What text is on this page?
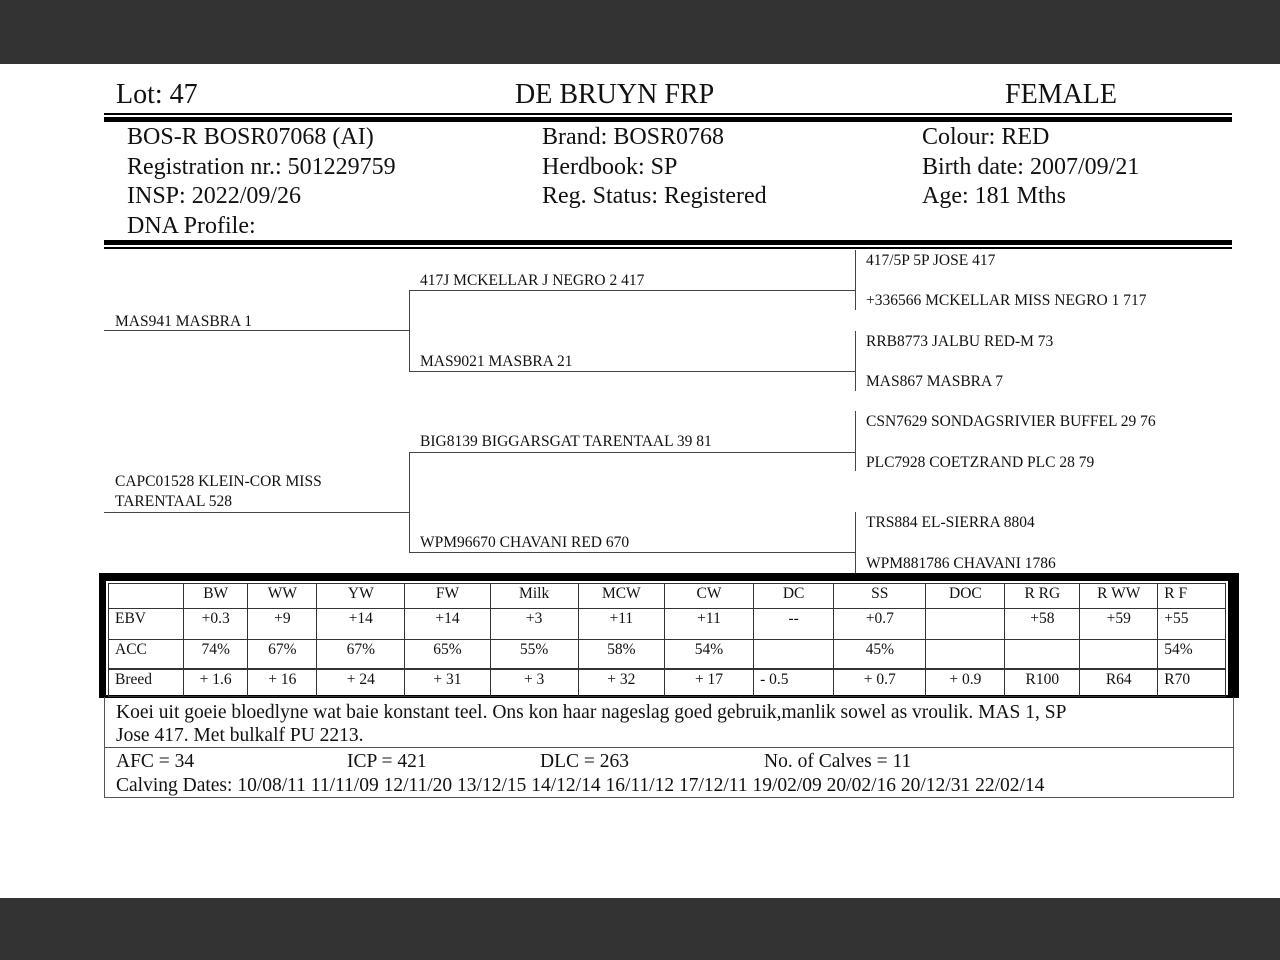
Lot: 47	DE BRUYN FRP	FEMALE
BOS-R BOSR07068 (AI)
Registration nr.: 501229759
INSP: 2022/09/26
DNA Profile:
Brand: BOSR0768
Herdbook: SP
Reg. Status: Registered
Colour: RED
Birth date: 2007/09/21
Age: 181 Mths
MAS941 MASBRA 1
CAPC01528 KLEIN-COR MISS
TARENTAAL 528
417J MCKELLAR J NEGRO 2 417
MAS9021 MASBRA 21
BIG8139 BIGGARSGAT TARENTAAL 39 81
WPM96670 CHAVANI RED 670
417/5P 5P JOSE 417
+336566 MCKELLAR MISS NEGRO 1 717
RRB8773 JALBU RED-M 73
MAS867 MASBRA 7
CSN7629 SONDAGSRIVIER BUFFEL 29 76
PLC7928 COETZRAND PLC 28 79
TRS884 EL-SIERRA 8804
WPM881786 CHAVANI 1786
	BW	WW	YW	FW	Milk	MCW	CW	DC	SS	DOC	R RG	R WW	R F
EBV	+0.3	+9	+14	+14	+3	+11	+11	--	+0.7		+58	+59	+55
ACC	74%	67%	67%	65%	55%	58%	54%		45%				54%
Breed	+ 1.6	+ 16	+ 24	+ 31	+ 3	+ 32	+ 17	- 0.5	+ 0.7	+ 0.9	R100	R64	R70
Koei uit goeie bloedlyne wat baie konstant teel. Ons kon haar nageslag goed gebruik,manlik sowel as vroulik. MAS 1, SP
Jose 417. Met bulkalf PU 2213.
AFC = 34	ICP = 421	DLC = 263	No. of Calves = 11
Calving Dates: 10/08/11 11/11/09 12/11/20 13/12/15 14/12/14 16/11/12 17/12/11 19/02/09 20/02/16 20/12/31 22/02/14
